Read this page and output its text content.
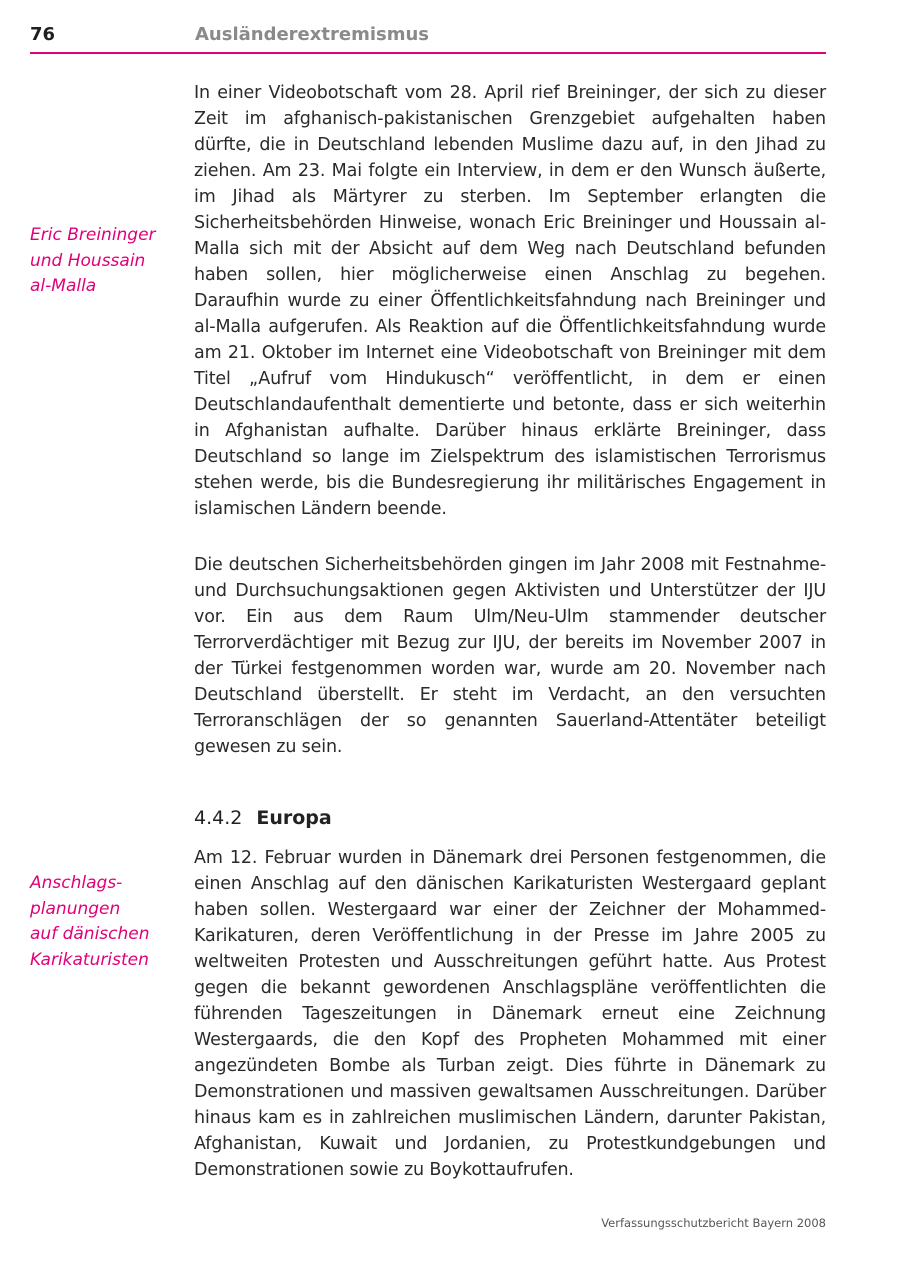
76	Ausländerextremismus
Eric Breininger
und Houssain
al-Malla

In einer Videobotschaft vom 28. April rief Breininger, der sich zu dieser Zeit im afghanisch-pakistanischen Grenzgebiet aufgehalten haben dürfte, die in Deutschland lebenden Muslime dazu auf, in den Jihad zu ziehen. Am 23. Mai folgte ein Interview, in dem er den Wunsch äußerte, im Jihad als Märtyrer zu sterben. Im September erlangten die Sicherheitsbehörden Hinweise, wonach Eric Breininger und Houssain al-Malla sich mit der Absicht auf dem Weg nach Deutschland befunden haben sollen, hier möglicherweise einen Anschlag zu begehen. Daraufhin wurde zu einer Öffentlichkeitsfahndung nach Breininger und al-Malla aufgerufen. Als Reaktion auf die Öffentlichkeitsfahndung wurde am 21. Oktober im Internet eine Videobotschaft von Breininger mit dem Titel „Aufruf vom Hindukusch“ veröffentlicht, in dem er einen Deutschlandaufenthalt dementierte und betonte, dass er sich weiterhin in Afghanistan aufhalte. Darüber hinaus erklärte Breininger, dass Deutschland so lange im Zielspektrum des islamistischen Terrorismus stehen werde, bis die Bundesregierung ihr militärisches Engagement in islamischen Ländern beende.

Die deutschen Sicherheitsbehörden gingen im Jahr 2008 mit Festnahme- und Durchsuchungsaktionen gegen Aktivisten und Unterstützer der IJU vor. Ein aus dem Raum Ulm/Neu-Ulm stammender deutscher Terrorverdächtiger mit Bezug zur IJU, der bereits im November 2007 in der Türkei festgenommen worden war, wurde am 20. November nach Deutschland überstellt. Er steht im Verdacht, an den versuchten Terroranschlägen der so genannten Sauerland-Attentäter beteiligt gewesen zu sein.

4.4.2 Europa
Anschlags-
planungen
auf dänischen
Karikaturisten

Am 12. Februar wurden in Dänemark drei Personen festgenommen, die einen Anschlag auf den dänischen Karikaturisten Westergaard geplant haben sollen. Westergaard war einer der Zeichner der Mohammed-Karikaturen, deren Veröffentlichung in der Presse im Jahre 2005 zu weltweiten Protesten und Ausschreitungen geführt hatte. Aus Protest gegen die bekannt gewordenen Anschlagspläne veröffentlichten die führenden Tageszeitungen in Dänemark erneut eine Zeichnung Westergaards, die den Kopf des Propheten Mohammed mit einer angezündeten Bombe als Turban zeigt. Dies führte in Dänemark zu Demonstrationen und massiven gewaltsamen Ausschreitungen. Darüber hinaus kam es in zahlreichen muslimischen Ländern, darunter Pakistan, Afghanistan, Kuwait und Jordanien, zu Protestkundgebungen und Demonstrationen sowie zu Boykottaufrufen.

Verfassungsschutzbericht Bayern 2008
